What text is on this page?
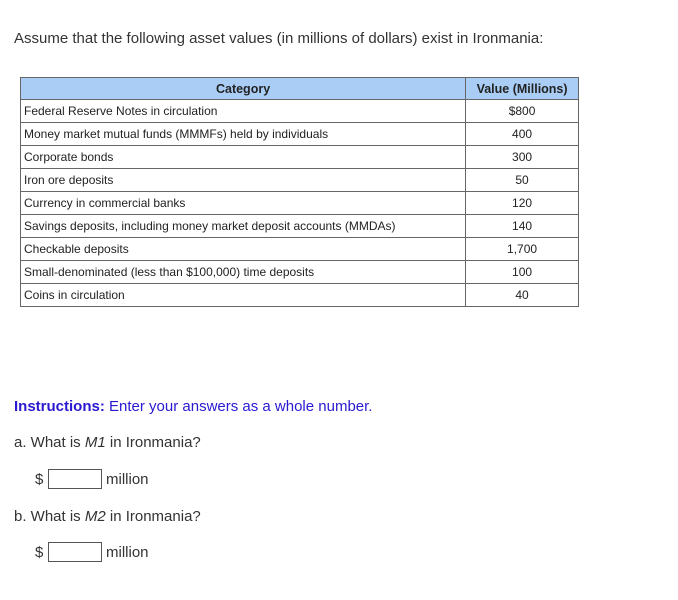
Assume that the following asset values (in millions of dollars) exist in Ironmania:
Category	Value (Millions)
Federal Reserve Notes in circulation	$800
Money market mutual funds (MMMFs) held by individuals	400
Corporate bonds	300
Iron ore deposits	50
Currency in commercial banks	120
Savings deposits, including money market deposit accounts (MMDAs)	140
Checkable deposits	1,700
Small-denominated (less than $100,000) time deposits	100
Coins in circulation	40
Instructions: Enter your answers as a whole number.
a. What is M1 in Ironmania?
$	million
b. What is M2 in Ironmania?
$	million
